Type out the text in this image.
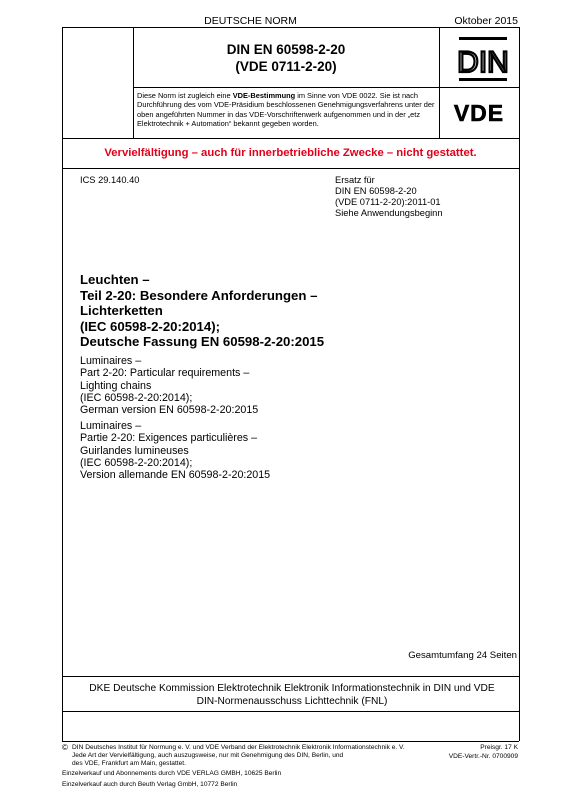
DEUTSCHE NORM	Oktober 2015
DIN EN 60598-2-20
(VDE 0711-2-20)	DIN
VDE
Diese Norm ist zugleich eine VDE-Bestimmung im Sinne von VDE 0022. Sie ist nach Durchführung des vom VDE-Präsidium beschlossenen Genehmigungsverfahrens unter der oben angeführten Nummer in das VDE-Vorschriftenwerk aufgenommen und in der „etz Elektrotechnik + Automation“ bekannt gegeben worden.
Vervielfältigung – auch für innerbetriebliche Zwecke – nicht gestattet.
ICS 29.140.40	Ersatz für
DIN EN 60598-2-20
(VDE 0711-2-20):2011-01
Siehe Anwendungsbeginn
Leuchten –
Teil 2-20: Besondere Anforderungen –
Lichterketten
(IEC 60598-2-20:2014);
Deutsche Fassung EN 60598-2-20:2015
Luminaires –
Part 2-20: Particular requirements –
Lighting chains
(IEC 60598-2-20:2014);
German version EN 60598-2-20:2015
Luminaires –
Partie 2-20: Exigences particulières –
Guirlandes lumineuses
(IEC 60598-2-20:2014);
Version allemande EN 60598-2-20:2015
Gesamtumfang 24 Seiten
DKE Deutsche Kommission Elektrotechnik Elektronik Informationstechnik in DIN und VDE
DIN-Normenausschuss Lichttechnik (FNL)
© DIN Deutsches Institut für Normung e. V. und VDE Verband der Elektrotechnik Elektronik Informationstechnik e. V.
Jede Art der Vervielfältigung, auch auszugsweise, nur mit Genehmigung des DIN, Berlin, und
des VDE, Frankfurt am Main, gestattet.
Preisgr. 17 K
VDE-Vertr.-Nr. 0700909
Einzelverkauf und Abonnements durch VDE VERLAG GMBH, 10625 Berlin
Einzelverkauf auch durch Beuth Verlag GmbH, 10772 Berlin
